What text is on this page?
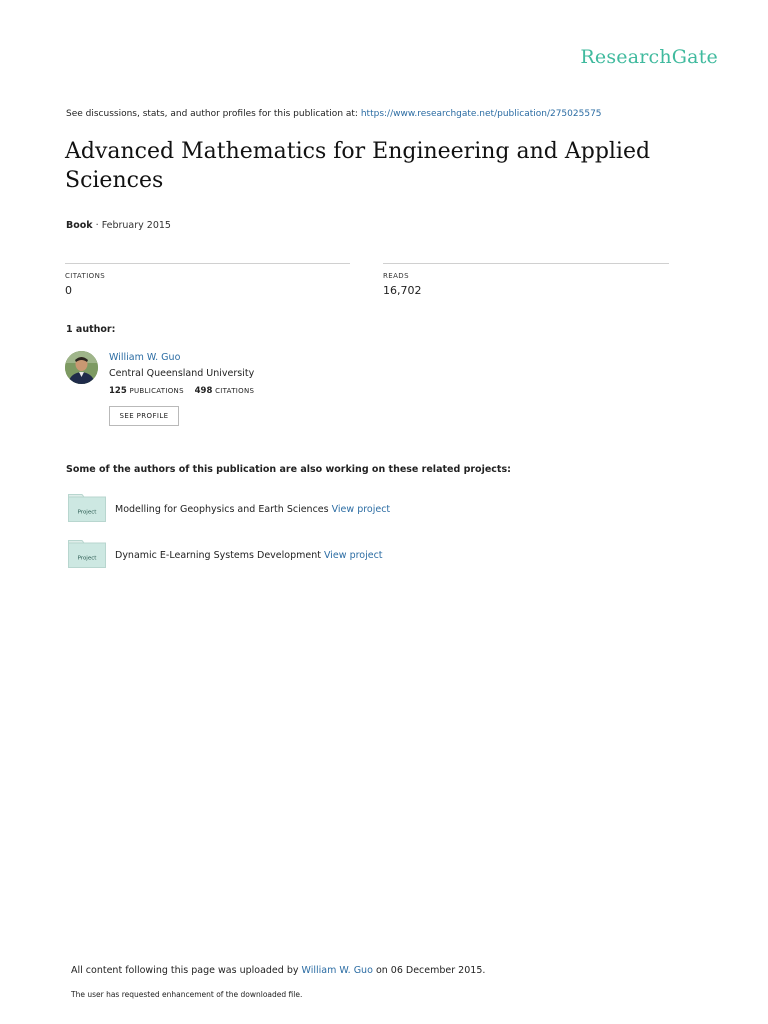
ResearchGate
See discussions, stats, and author profiles for this publication at: https://www.researchgate.net/publication/275025575
Advanced Mathematics for Engineering and Applied Sciences
Book · February 2015
CITATIONS
0
READS
16,702
1 author:
William W. Guo
Central Queensland University
125 PUBLICATIONS 498 CITATIONS
SEE PROFILE
Some of the authors of this publication are also working on these related projects:
Project Modelling for Geophysics and Earth Sciences View project
Project Dynamic E-Learning Systems Development View project
All content following this page was uploaded by William W. Guo on 06 December 2015.
The user has requested enhancement of the downloaded file.
